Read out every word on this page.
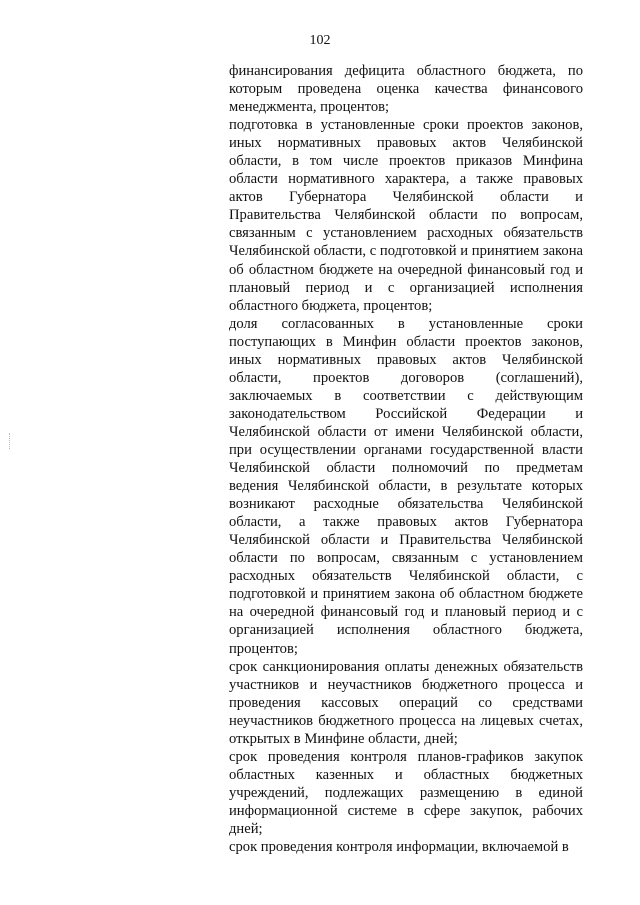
102

финансирования дефицита областного бюджета, по которым проведена оценка качества финансового менеджмента, процентов;

подготовка в установленные сроки проектов законов, иных нормативных правовых актов Челябинской области, в том числе проектов приказов Минфина области нормативного характера, а также правовых актов Губернатора Челябинской области и Правительства Челябинской области по вопросам, связанным с установлением расходных обязательств Челябинской области, с подготовкой и принятием закона об областном бюджете на очередной финансовый год и плановый период и с организацией исполнения областного бюджета, процентов;

доля согласованных в установленные сроки поступающих в Минфин области проектов законов, иных нормативных правовых актов Челябинской области, проектов договоров (соглашений), заключаемых в соответствии с действующим законодательством Российской Федерации и Челябинской области от имени Челябинской области, при осуществлении органами государственной власти Челябинской области полномочий по предметам ведения Челябинской области, в результате которых возникают расходные обязательства Челябинской области, а также правовых актов Губернатора Челябинской области и Правительства Челябинской области по вопросам, связанным с установлением расходных обязательств Челябинской области, с подготовкой и принятием закона об областном бюджете на очередной финансовый год и плановый период и с организацией исполнения областного бюджета, процентов;

срок санкционирования оплаты денежных обязательств участников и неучастников бюджетного процесса и проведения кассовых операций со средствами неучастников бюджетного процесса на лицевых счетах, открытых в Минфине области, дней;

срок проведения контроля планов-графиков закупок областных казенных и областных бюджетных учреждений, подлежащих размещению в единой информационной системе в сфере закупок, рабочих дней;

срок проведения контроля информации, включаемой в
